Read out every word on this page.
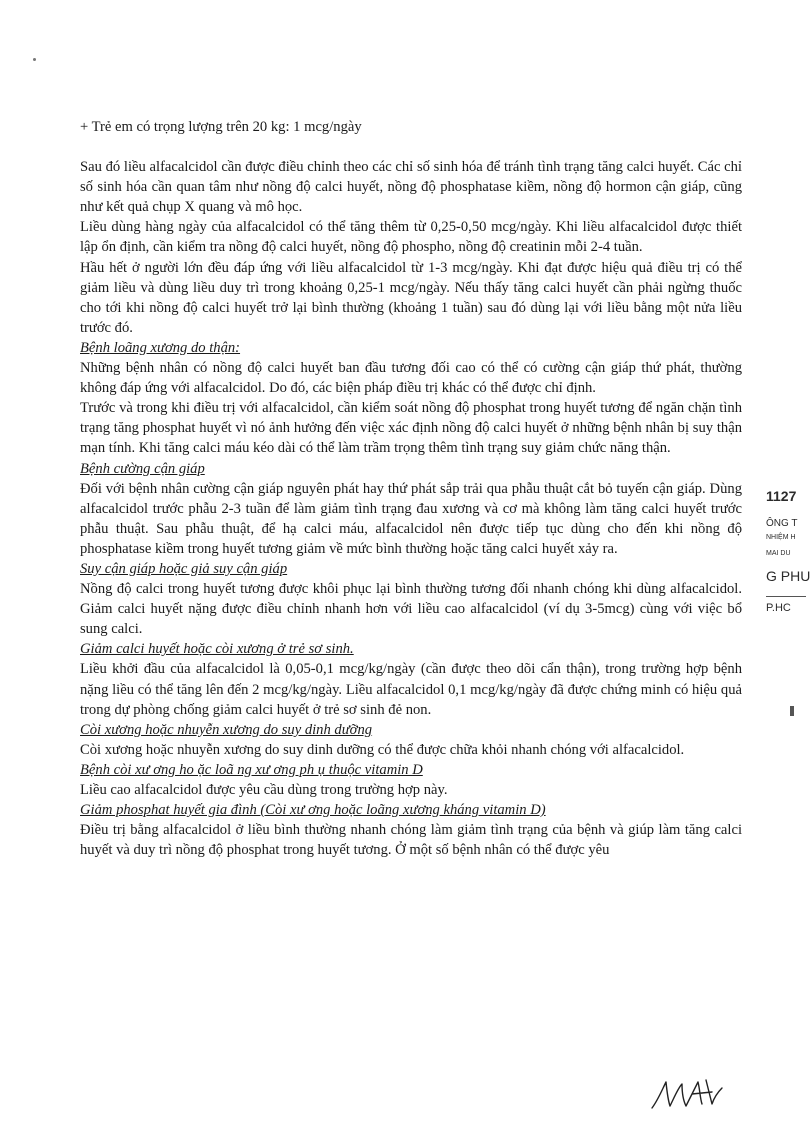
+ Trẻ em có trọng lượng trên 20 kg: 1 mcg/ngày

Sau đó liều alfacalcidol cần được điều chỉnh theo các chỉ số sinh hóa để tránh tình trạng tăng calci huyết. Các chỉ số sinh hóa cần quan tâm như nồng độ calci huyết, nồng độ phosphatase kiềm, nồng độ hormon cận giáp, cũng như kết quả chụp X quang và mô học.

Liều dùng hàng ngày của alfacalcidol có thể tăng thêm từ 0,25-0,50 mcg/ngày. Khi liều alfacalcidol được thiết lập ổn định, cần kiểm tra nồng độ calci huyết, nồng độ phospho, nồng độ creatinin mỗi 2-4 tuần.

Hầu hết ở người lớn đều đáp ứng với liều alfacalcidol từ 1-3 mcg/ngày. Khi đạt được hiệu quả điều trị có thể giảm liều và dùng liều duy trì trong khoảng 0,25-1 mcg/ngày. Nếu thấy tăng calci huyết cần phải ngừng thuốc cho tới khi nồng độ calci huyết trở lại bình thường (khoảng 1 tuần) sau đó dùng lại với liều bằng một nửa liều trước đó.

Bệnh loãng xương do thận:

Những bệnh nhân có nồng độ calci huyết ban đầu tương đối cao có thể có cường cận giáp thứ phát, thường không đáp ứng với alfacalcidol. Do đó, các biện pháp điều trị khác có thể được chỉ định.

Trước và trong khi điều trị với alfacalcidol, cần kiểm soát nồng độ phosphat trong huyết tương để ngăn chặn tình trạng tăng phosphat huyết vì nó ảnh hưởng đến việc xác định nồng độ calci huyết ở những bệnh nhân bị suy thận mạn tính. Khi tăng calci máu kéo dài có thể làm trầm trọng thêm tình trạng suy giảm chức năng thận.

Bệnh cường cận giáp

Đối với bệnh nhân cường cận giáp nguyên phát hay thứ phát sắp trải qua phẫu thuật cắt bỏ tuyến cận giáp. Dùng alfacalcidol trước phẫu 2-3 tuần để làm giảm tình trạng đau xương và cơ mà không làm tăng calci huyết trước phẫu thuật. Sau phẫu thuật, để hạ calci máu, alfacalcidol nên được tiếp tục dùng cho đến khi nồng độ phosphatase kiềm trong huyết tương giảm về mức bình thường hoặc tăng calci huyết xảy ra.

Suy cận giáp hoặc giả suy cận giáp

Nồng độ calci trong huyết tương được khôi phục lại bình thường tương đối nhanh chóng khi dùng alfacalcidol. Giảm calci huyết nặng được điều chỉnh nhanh hơn với liều cao alfacalcidol (ví dụ 3-5mcg) cùng với việc bổ sung calci.

Giảm calci huyết hoặc còi xương ở trẻ sơ sinh.

Liều khởi đầu của alfacalcidol là 0,05-0,1 mcg/kg/ngày (cần được theo dõi cẩn thận), trong trường hợp bệnh nặng liều có thể tăng lên đến 2 mcg/kg/ngày. Liều alfacalcidol 0,1 mcg/kg/ngày đã được chứng minh có hiệu quả trong dự phòng chống giảm calci huyết ở trẻ sơ sinh đẻ non.

Còi xương hoặc nhuyễn xương do suy dinh dưỡng

Còi xương hoặc nhuyễn xương do suy dinh dưỡng có thể được chữa khỏi nhanh chóng với alfacalcidol.

Bệnh còi xư ơng ho ặc loã ng xư ơng ph ụ thuộc vitamin D

Liều cao alfacalcidol được yêu cầu dùng trong trường hợp này.

Giảm phosphat huyết gia đình (Còi xư ơng hoặc loãng xương kháng vitamin D)

Điều trị bằng alfacalcidol ở liều bình thường nhanh chóng làm giảm tình trạng của bệnh và giúp làm tăng calci huyết và duy trì nồng độ phosphat trong huyết tương. Ở một số bệnh nhân có thể được yêu

1127
ÔNG T
NHIỆM H
MAI DU
G PHU
P.HC
